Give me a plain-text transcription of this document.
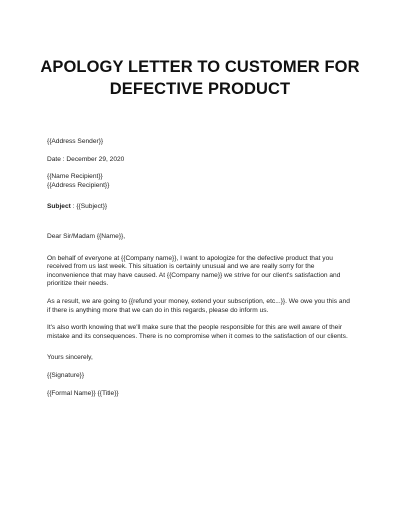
APOLOGY LETTER TO CUSTOMER FOR
DEFECTIVE PRODUCT
{{Address Sender}}
Date : December 29, 2020
{{Name Recipient}}
{{Address Recipient}}
Subject : {{Subject}}
Dear Sir/Madam {{Name}},
On behalf of everyone at {{Company name}}, I want to apologize for the defective product that you
received from us last week. This situation is certainly unusual and we are really sorry for the
inconvenience that may have caused. At {{Company name}} we strive for our client's satisfaction and
prioritize their needs.
As a result, we are going to {{refund your money, extend your subscription, etc...}}. We owe you this and
if there is anything more that we can do in this regards, please do inform us.
It's also worth knowing that we'll make sure that the people responsible for this are well aware of their
mistake and its consequences. There is no compromise when it comes to the satisfaction of our clients.
Yours sincerely,
{{Signature}}
{{Formal Name}} {{Title}}
